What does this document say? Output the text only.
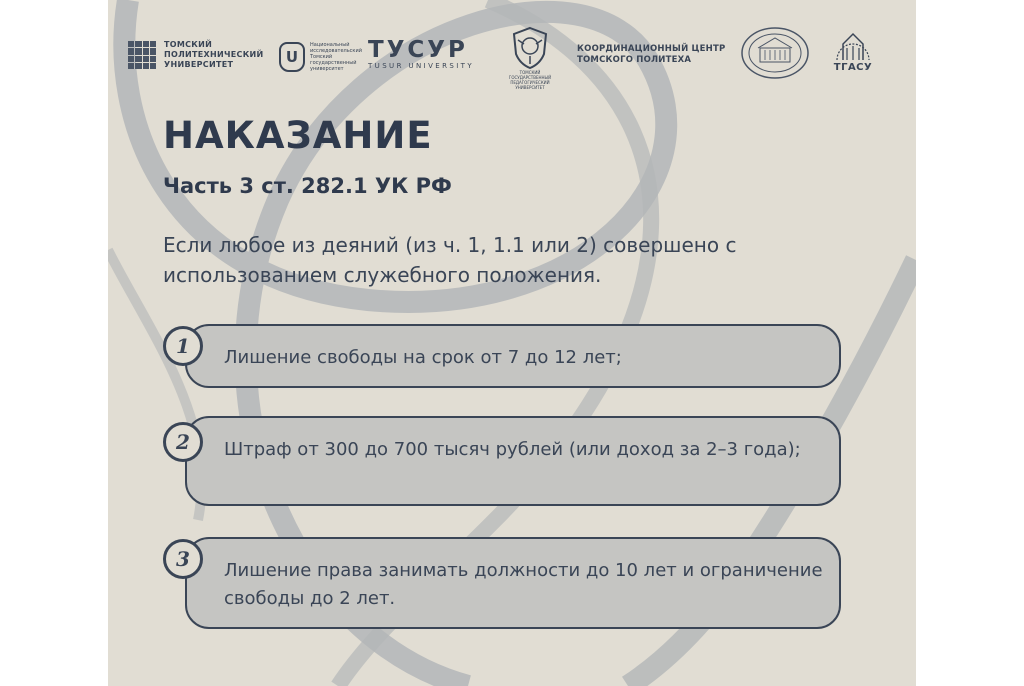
ТОМСКИЙ
ПОЛИТЕХНИЧЕСКИЙ
УНИВЕРСИТЕТ	U
Национальный
исследовательский
Томский
государственный
университет
ТУСУР
TUSUR UNIVERSITY
ТОМСКИЙ ГОСУДАРСТВЕННЫЙ
ПЕДАГОГИЧЕСКИЙ УНИВЕРСИТЕТ
КООРДИНАЦИОННЫЙ ЦЕНТР
ТОМСКОГО ПОЛИТЕХА
ТГАСУ
НАКАЗАНИЕ
Часть 3 ст. 282.1 УК РФ
Если любое из деяний (из ч. 1, 1.1 или 2) совершено с использованием служебного положения.
Лишение свободы на срок от 7 до 12 лет;
1
Штраф от 300 до 700 тысяч рублей (или доход за 2–3 года);
2
Лишение права занимать должности до 10 лет и ограничение свободы до 2 лет.
3
